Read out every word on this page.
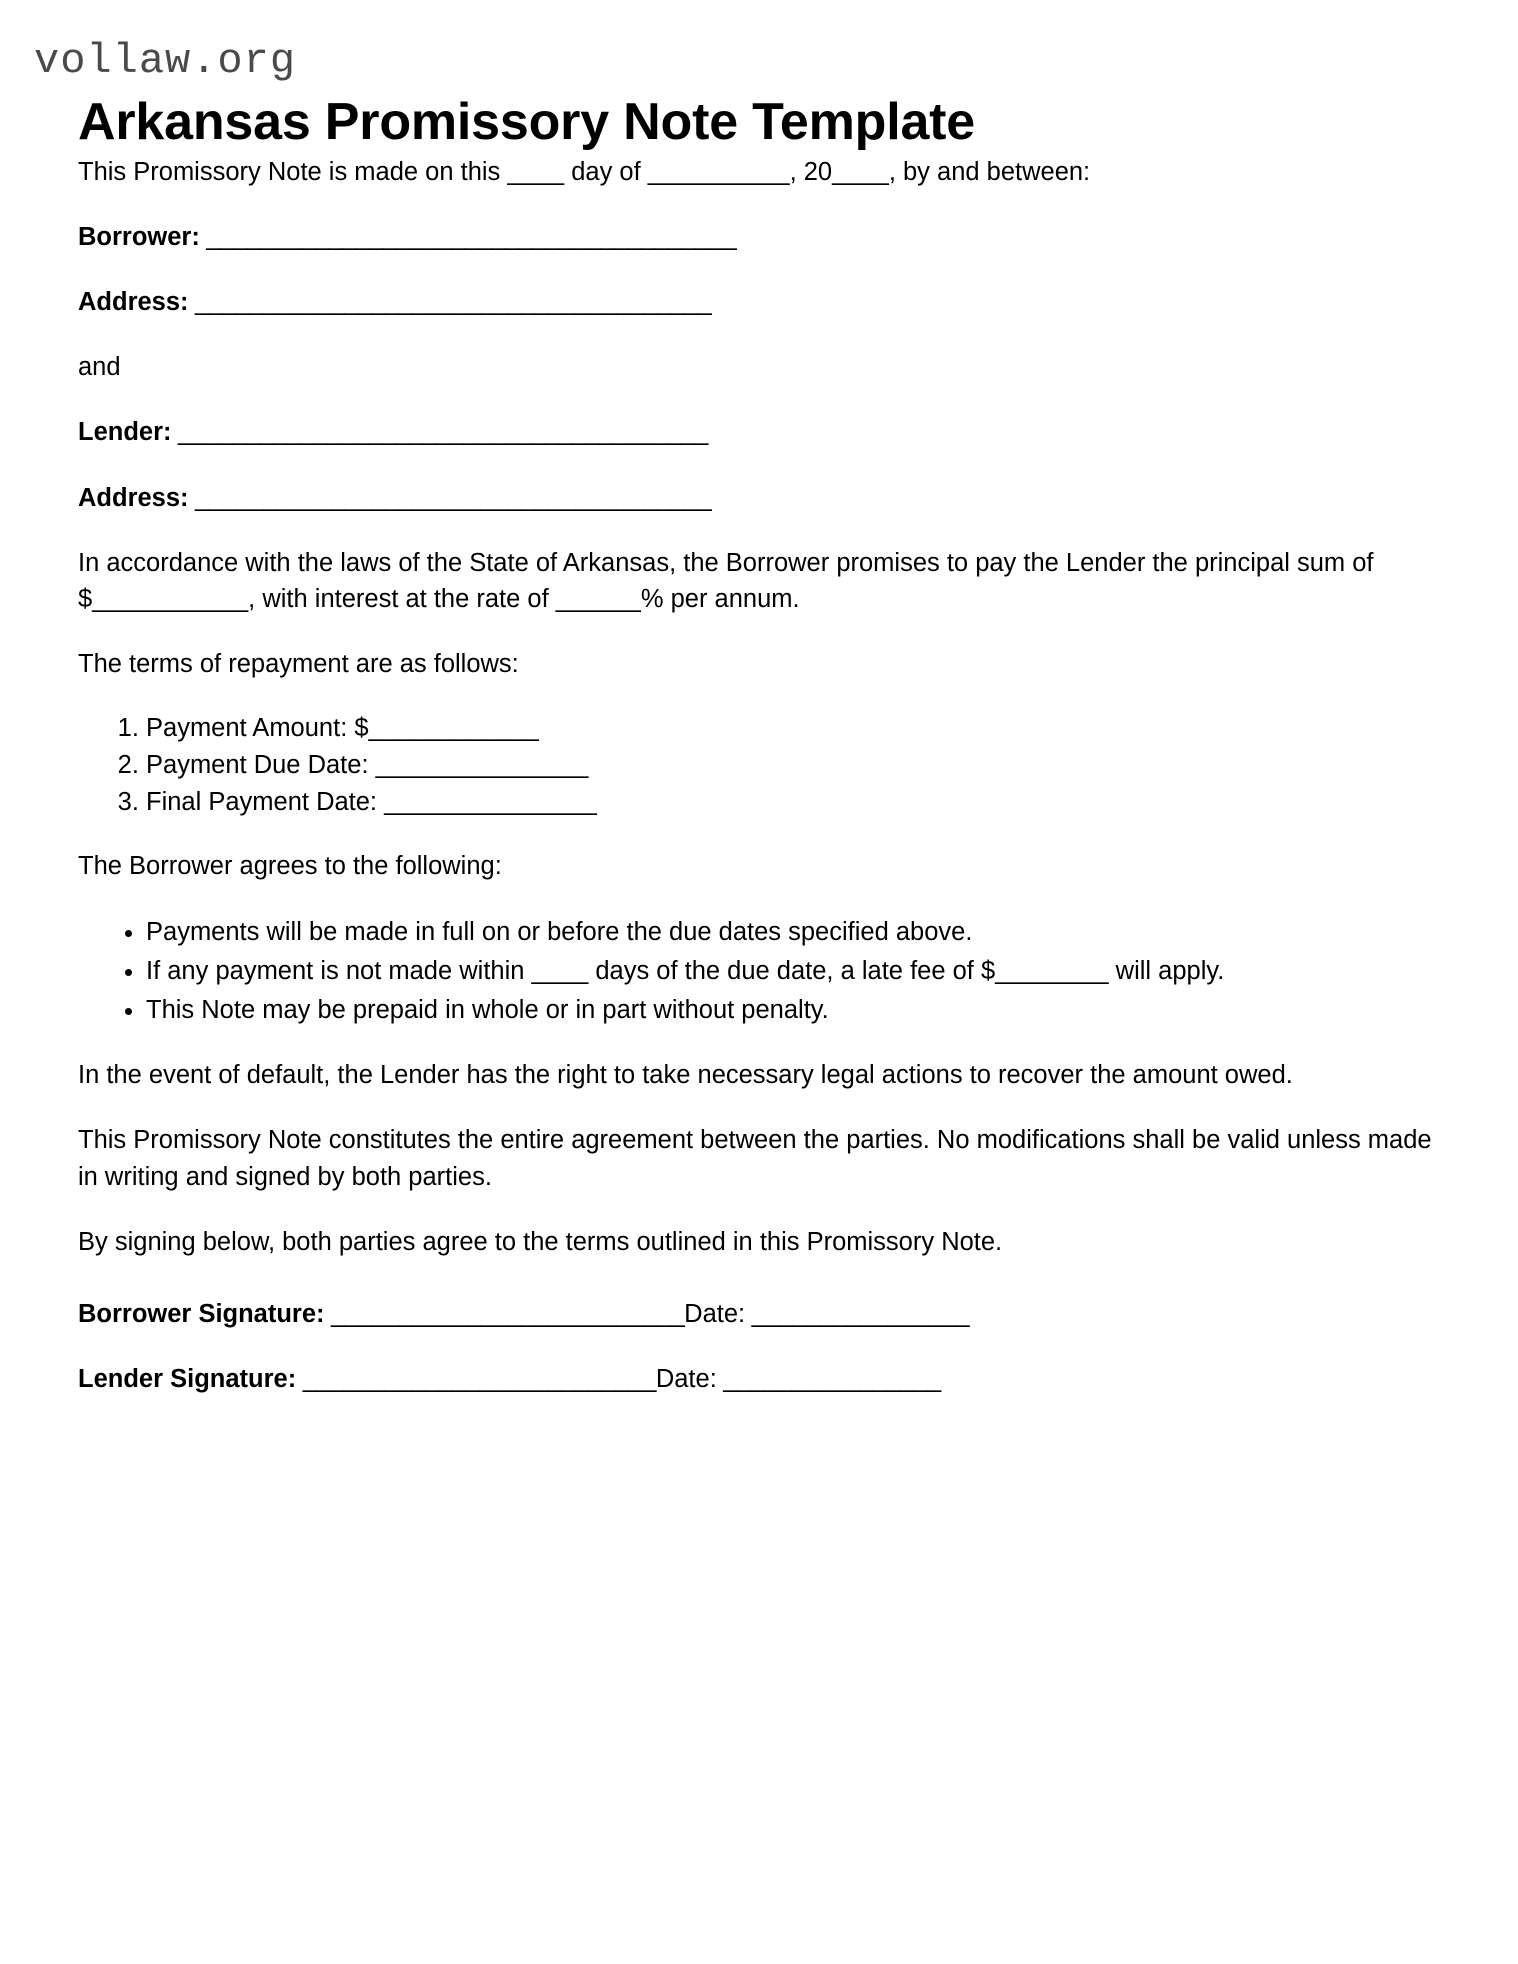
vollaw.org
Arkansas Promissory Note Template

This Promissory Note is made on this ____ day of __________, 20____, by and between:

Borrower: _______________________________________

Address: ______________________________________

and

Lender: _______________________________________

Address: ______________________________________

In accordance with the laws of the State of Arkansas, the Borrower promises to pay the Lender the principal sum of $___________, with interest at the rate of ______% per annum.

The terms of repayment are as follows:

1. Payment Amount: $____________
2. Payment Due Date: _______________
3. Final Payment Date: _______________

The Borrower agrees to the following:

• Payments will be made in full on or before the due dates specified above.
• If any payment is not made within ____ days of the due date, a late fee of $________ will apply.
• This Note may be prepaid in whole or in part without penalty.

In the event of default, the Lender has the right to take necessary legal actions to recover the amount owed.

This Promissory Note constitutes the entire agreement between the parties. No modifications shall be valid unless made in writing and signed by both parties.

By signing below, both parties agree to the terms outlined in this Promissory Note.

Borrower Signature: __________________________Date: ________________

Lender Signature: __________________________Date: ________________
